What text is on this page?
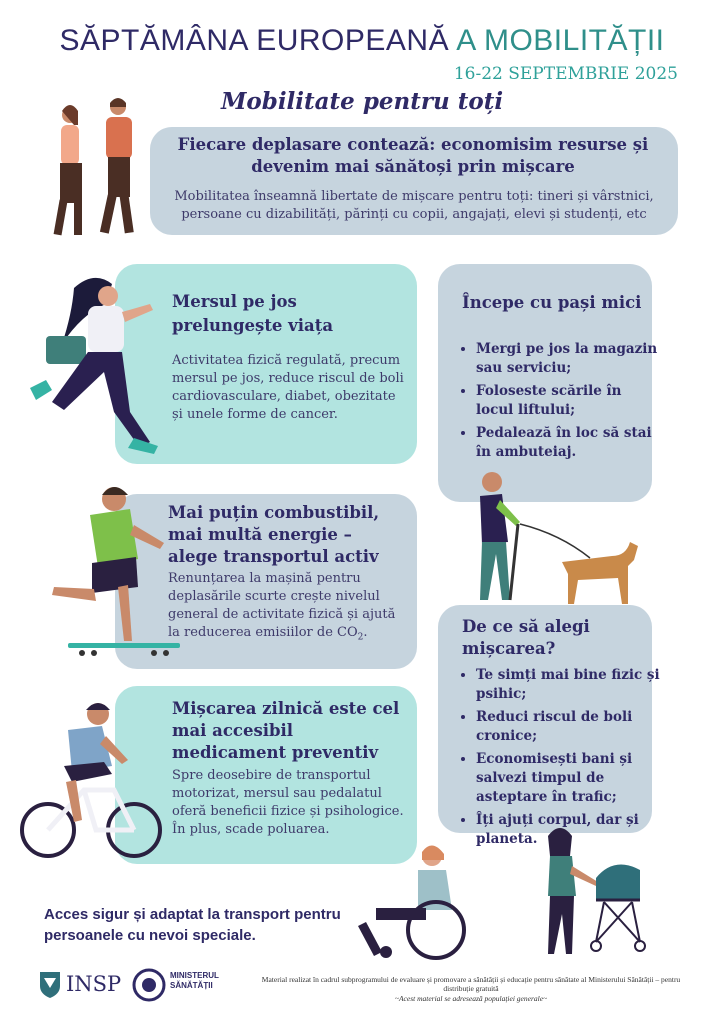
SĂPTĂMÂNA EUROPEANĂ A MOBILITĂȚII
16-22 SEPTEMBRIE 2025
Mobilitate pentru toți
Fiecare deplasare contează: economisim resurse și devenim mai sănătoși prin mișcare
Mobilitatea înseamnă libertate de mișcare pentru toți: tineri și vârstnici, persoane cu dizabilități, părinți cu copii, angajați, elevi și studenți, etc
Mersul pe jos prelungește viața
Activitatea fizică regulată, precum mersul pe jos, reduce riscul de boli cardiovasculare, diabet, obezitate și unele forme de cancer.
Mai puțin combustibil, mai multă energie – alege transportul activ
Renunțarea la mașină pentru deplasările scurte crește nivelul general de activitate fizică și ajută la reducerea emisiilor de $CO_2$.
Mișcarea zilnică este cel mai accesibil medicament preventiv
Spre deosebire de transportul motorizat, mersul sau pedalatul oferă beneficii fizice și psihologice. În plus, scade poluarea.
Începe cu pași mici
• Mergi pe jos la magazin sau serviciu;
• Foloseste scările în locul liftului;
• Pedalează în loc să stai în ambuteiaj.
De ce să alegi mișcarea?
• Te simți mai bine fizic și psihic;
• Reduci riscul de boli cronice;
• Economisești bani și salvezi timpul de asteptare în trafic;
• Îți ajuți corpul, dar și planeta.
Acces sigur și adaptat la transport pentru persoanele cu nevoi speciale.
INSP	MINISTERUL
SĂNĂTĂȚII
Material realizat în cadrul subprogramului de evaluare și promovare a sănătății și educație pentru sănătate al Ministerului Sănătății – pentru
distribuție gratuită
~Acest material se adresează populației generale~
